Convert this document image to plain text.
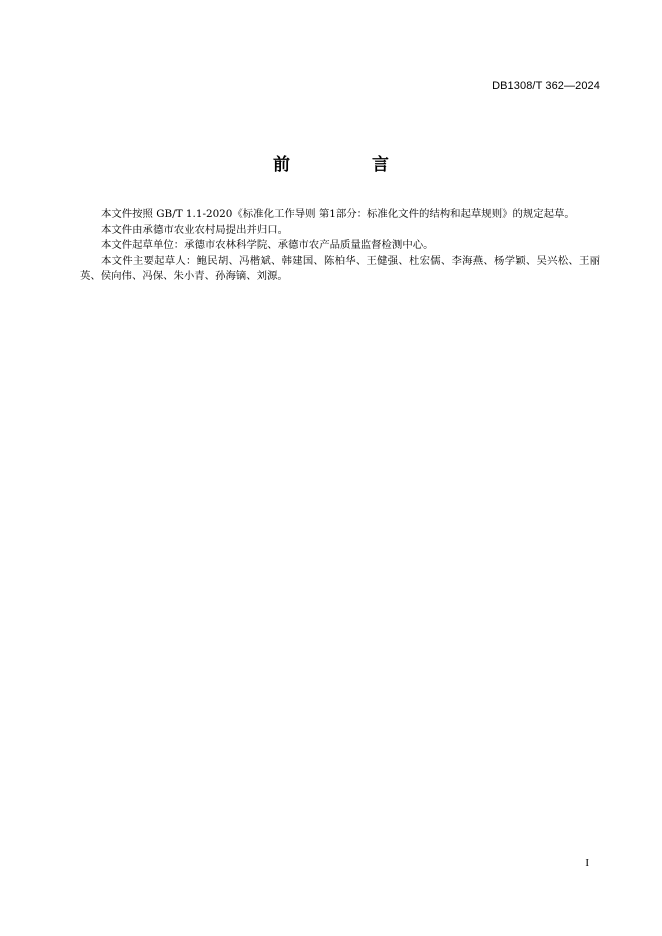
DB1308/T 362—2024
前 言

本文件按照 GB/T 1.1-2020《标准化工作导则 第1部分：标准化文件的结构和起草规则》的规定起草。

本文件由承德市农业农村局提出并归口。

本文件起草单位：承德市农林科学院、承德市农产品质量监督检测中心。

本文件主要起草人：鲍民胡、冯楷斌、韩建国、陈柏华、王健强、杜宏儒、李海燕、杨学颖、吴兴松、王丽英、侯向伟、冯保、朱小青、孙海镝、刘源。

I
